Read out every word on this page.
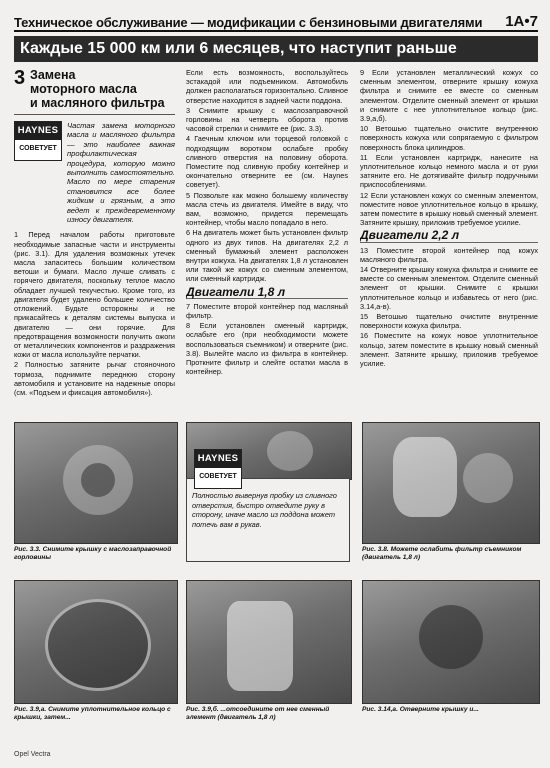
Техническое обслуживание — модификации с бензиновыми двигателями 1A•7
Каждые 15 000 км или 6 месяцев, что наступит раньше
3 Замена
моторного масла
и масляного фильтра
HAYNES
СОВЕТУЕТ
Частая замена моторного масла и масляного фильтра — это наиболее важная профилактическая процедура, которую можно выполнить самостоятельно. Масло по мере старения становится все более жидким и грязным, а это ведет к преждевременному износу двигателя.

1 Перед началом работы приготовьте необходимые запасные части и инструменты (рис. 3.1). Для удаления возможных утечек масла запаситесь большим количеством ветоши и бумаги. Масло лучше сливать с горячего двигателя, поскольку теплое масло обладает лучшей текучестью. Кроме того, из двигателя будет удалено большее количество отложений. Будьте осторожны и не прикасайтесь к деталям системы выпуска и двигателю — они горячие. Для предотвращения возможности получить ожоги от металлических компонентов и раздражения кожи от масла используйте перчатки.

2 Полностью затяните рычаг стояночного тормоза, поднимите переднюю сторону автомобиля и установите на надежные опоры (см. «Подъем и фиксация автомобиля»).

Если есть возможность, воспользуйтесь эстакадой или подъемником. Автомобиль должен располагаться горизонтально. Сливное отверстие находится в задней части поддона.

3 Снимите крышку с маслозаправочной горловины на четверть оборота против часовой стрелки и снимите ее (рис. 3.3).

4 Гаечным ключом или торцевой головкой с подходящим воротком ослабьте пробку сливного отверстия на половину оборота. Поместите под сливную пробку контейнер и окончательно отверните ее (см. Haynes советует).

5 Позвольте как можно большему количеству масла стечь из двигателя. Имейте в виду, что вам, возможно, придется перемещать контейнер, чтобы масло попадало в него.

6 На двигатель может быть установлен фильтр одного из двух типов. На двигателях 2,2 л сменный бумажный элемент расположен внутри кожуха. На двигателях 1,8 л установлен или такой же кожух со сменным элементом, или сменный картридж.

Двигатели 1,8 л

7 Поместите второй контейнер под масляный фильтр.

8 Если установлен сменный картридж, ослабьте его (при необходимости можете воспользоваться съемником) и отверните (рис. 3.8). Вылейте масло из фильтра в контейнер. Проткните фильтр и слейте остатки масла в контейнер.

9 Если установлен металлический кожух со сменным элементом, отверните крышку кожуха фильтра и снимите ее вместе со сменным элементом. Отделите сменный элемент от крышки и снимите с нее уплотнительное кольцо (рис. 3.9,а,б).

10 Ветошью тщательно очистите внутреннюю поверхность кожуха или сопрягаемую с фильтром поверхность блока цилиндров.

11 Если установлен картридж, нанесите на уплотнительное кольцо немного масла и от руки затяните его. Не дотягивайте фильтр подручными приспособлениями.

12 Если установлен кожух со сменным элементом, поместите новое уплотнительное кольцо в крышку, затем поместите в крышку новый сменный элемент. Затяните крышку, приложив требуемое усилие.

Двигатели 2,2 л

13 Поместите второй контейнер под кожух масляного фильтра.

14 Отверните крышку кожуха фильтра и снимите ее вместе со сменным элементом. Отделите сменный элемент от крышки. Снимите с крышки уплотнительное кольцо и избавьтесь от него (рис. 3.14,а-в).

15 Ветошью тщательно очистите внутренние поверхности кожуха фильтра.

16 Поместите на кожух новое уплотнительное кольцо, затем поместите в крышку новый сменный элемент. Затяните крышку, приложив требуемое усилие.

Рис. 3.3. Снимите крышку с маслозаправочной горловины
HAYNES
СОВЕТУЕТ
Полностью вывернув пробку из сливного отверстия, быстро отведите руку в сторону, иначе масло из поддона может потечь вам в рукав.
Рис. 3.8. Можете ослабить фильтр съемником (двигатель 1,8 л)
Рис. 3.9,а. Снимите уплотнительное кольцо с крышки, затем...
Рис. 3.9,б. ...отсоедините от нее сменный элемент (двигатель 1,8 л)
Рис. 3.14,а. Отверните крышку и...
Opel Vectra
